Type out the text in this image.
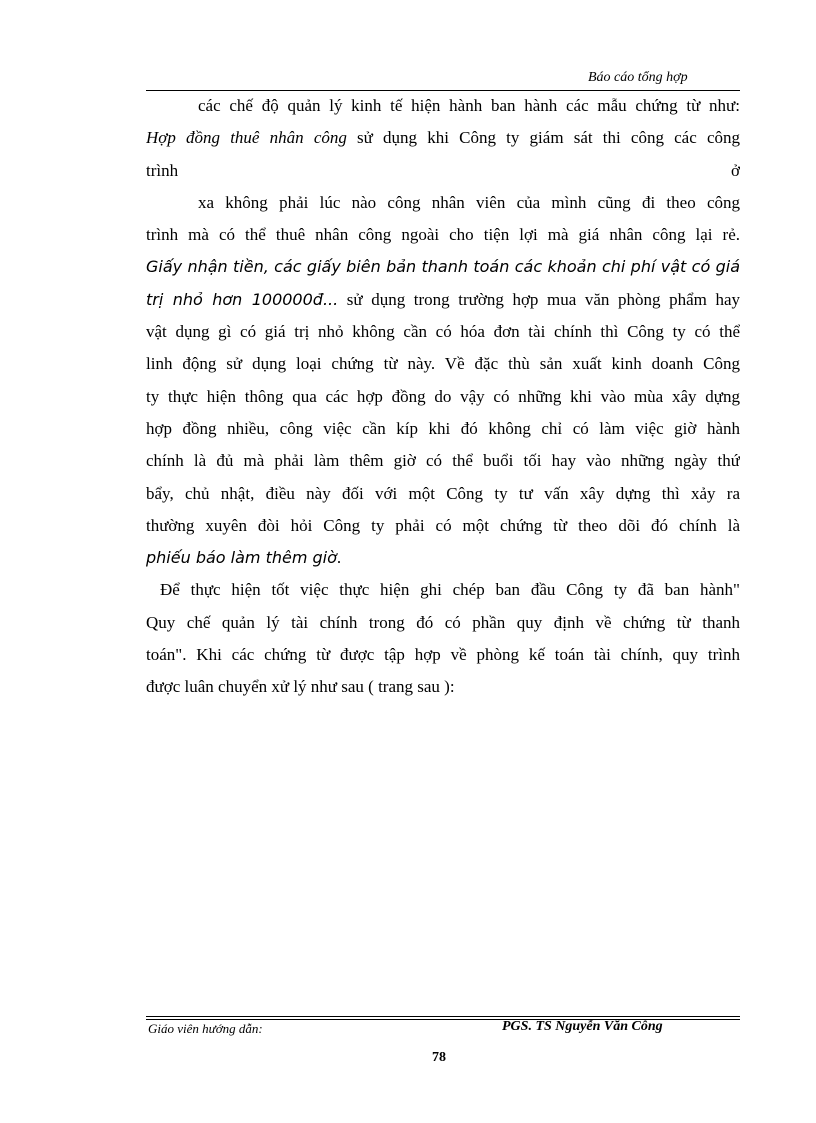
Báo cáo tổng hợp
các chế độ quản lý kinh tế hiện hành ban hành các mẫu chứng từ như:
Hợp đồng thuê nhân công sử dụng khi Công ty giám sát thi công các công
trình	ở
xa không phải lúc nào công nhân viên của mình cũng đi theo công
trình mà có thể thuê nhân công ngoài cho tiện lợi mà giá nhân công lại rẻ.
Giấy nhận tiền, các giấy biên bản thanh toán các khoản chi phí vật có giá
trị nhỏ hơn 100000đ... sử dụng trong trường hợp mua văn phòng phẩm hay
vật dụng gì có giá trị nhỏ không cần có hóa đơn tài chính thì Công ty có thể
linh động sử dụng loại chứng từ này. Về đặc thù sản xuất kinh doanh Công
ty thực hiện thông qua các hợp đồng do vậy có những khi vào mùa xây dựng
hợp đồng nhiều, công việc cần kíp khi đó không chỉ có làm việc giờ hành
chính là đủ mà phải làm thêm giờ có thể buổi tối hay vào những ngày thứ
bẩy, chủ nhật, điều này đối với một Công ty tư vấn xây dựng thì xảy ra
thường xuyên đòi hỏi Công ty phải có một chứng từ theo dõi đó chính là
phiếu báo làm thêm giờ.
Để thực hiện tốt việc thực hiện ghi chép ban đầu Công ty đã ban hành"
Quy chế quản lý tài chính trong đó có phần quy định về chứng từ thanh
toán". Khi các chứng từ được tập hợp về phòng kế toán tài chính, quy trình
được luân chuyển xử lý như sau ( trang sau ):
Giáo viên hướng dẫn:	PGS. TS Nguyễn Văn Công
78
